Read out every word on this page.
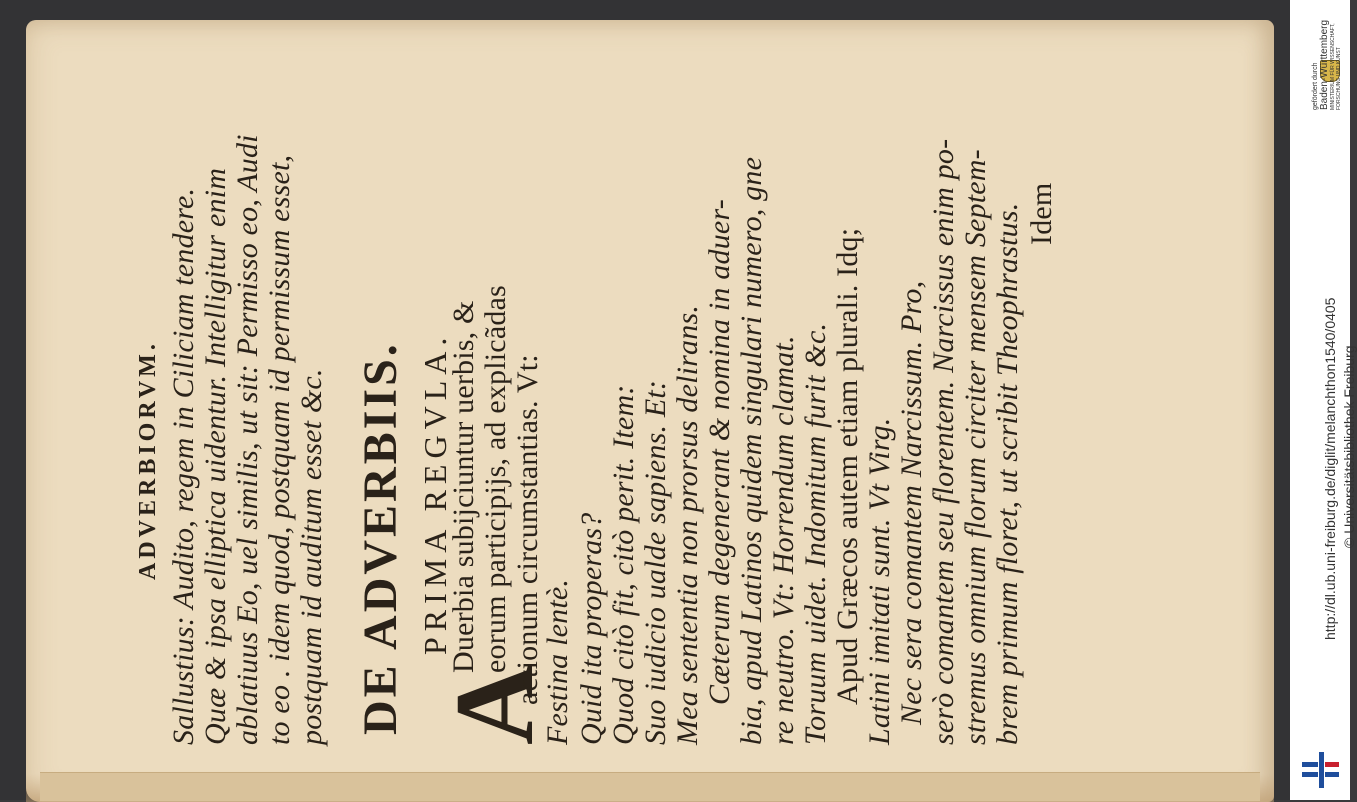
ADVERBIORVM. Sallustius: Audito, regem in Ciliciam tendere. Quæ & ipsa elliptica uidentur. Intelligitur enim ablatiuus Eo, uel similis, ut sit: Permisso eo, Audi to eo . idem quod, postquam id permissum esset, postquam id auditum esset &c. DE ADVERBIIS. PRIMA REGVLA.
A
Duerbia subijciuntur uerbis, & eorum participijs, ad explicãdas actionum circumstantias. Vt:
Festina lentè. Quid ita properas? Quod citò fit, citò perit. Item: Suo iudicio ualde sapiens. Et: Mea sententia non prorsus delirans. Cæterum degenerant & nomina in aduer- bia, apud Latinos quidem singulari numero, gne re neutro. Vt: Horrendum clamat. Toruum uidet. Indomitum furit &c. Apud Græcos autem etiam plurali. Idq; Latini imitati sunt. Vt Virg. Nec sera comantem Narcissum. Pro, serò comantem seu florentem. Narcissus enim po- stremus omnium florum circiter mensem Septem- brem primum floret, ut scribit Theophrastus. Idem
gefördert durch Baden-Württemberg MINISTERIUM FÜR WISSENSCHAFT, FORSCHUNG UND KUNST
http://dl.ub.uni-freiburg.de/diglit/melanchthon1540/0405 © Universitätsbibliothek Freiburg
